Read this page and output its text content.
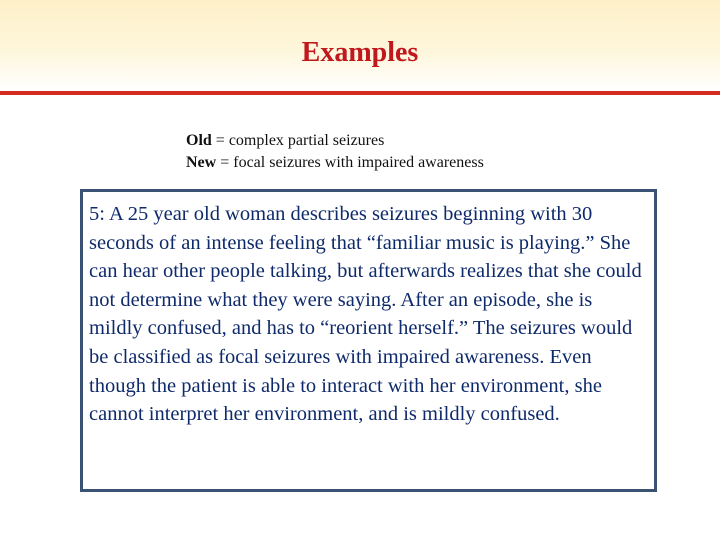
Examples
Old = complex partial seizures
New = focal seizures with impaired awareness

5: A 25 year old woman describes seizures beginning with 30 seconds of an intense feeling that “familiar music is playing.” She can hear other people talking, but afterwards realizes that she could not determine what they were saying. After an episode, she is mildly confused, and has to “reorient herself.” The seizures would be classified as focal seizures with impaired awareness. Even though the patient is able to interact with her environment, she cannot interpret her environment, and is mildly confused.
